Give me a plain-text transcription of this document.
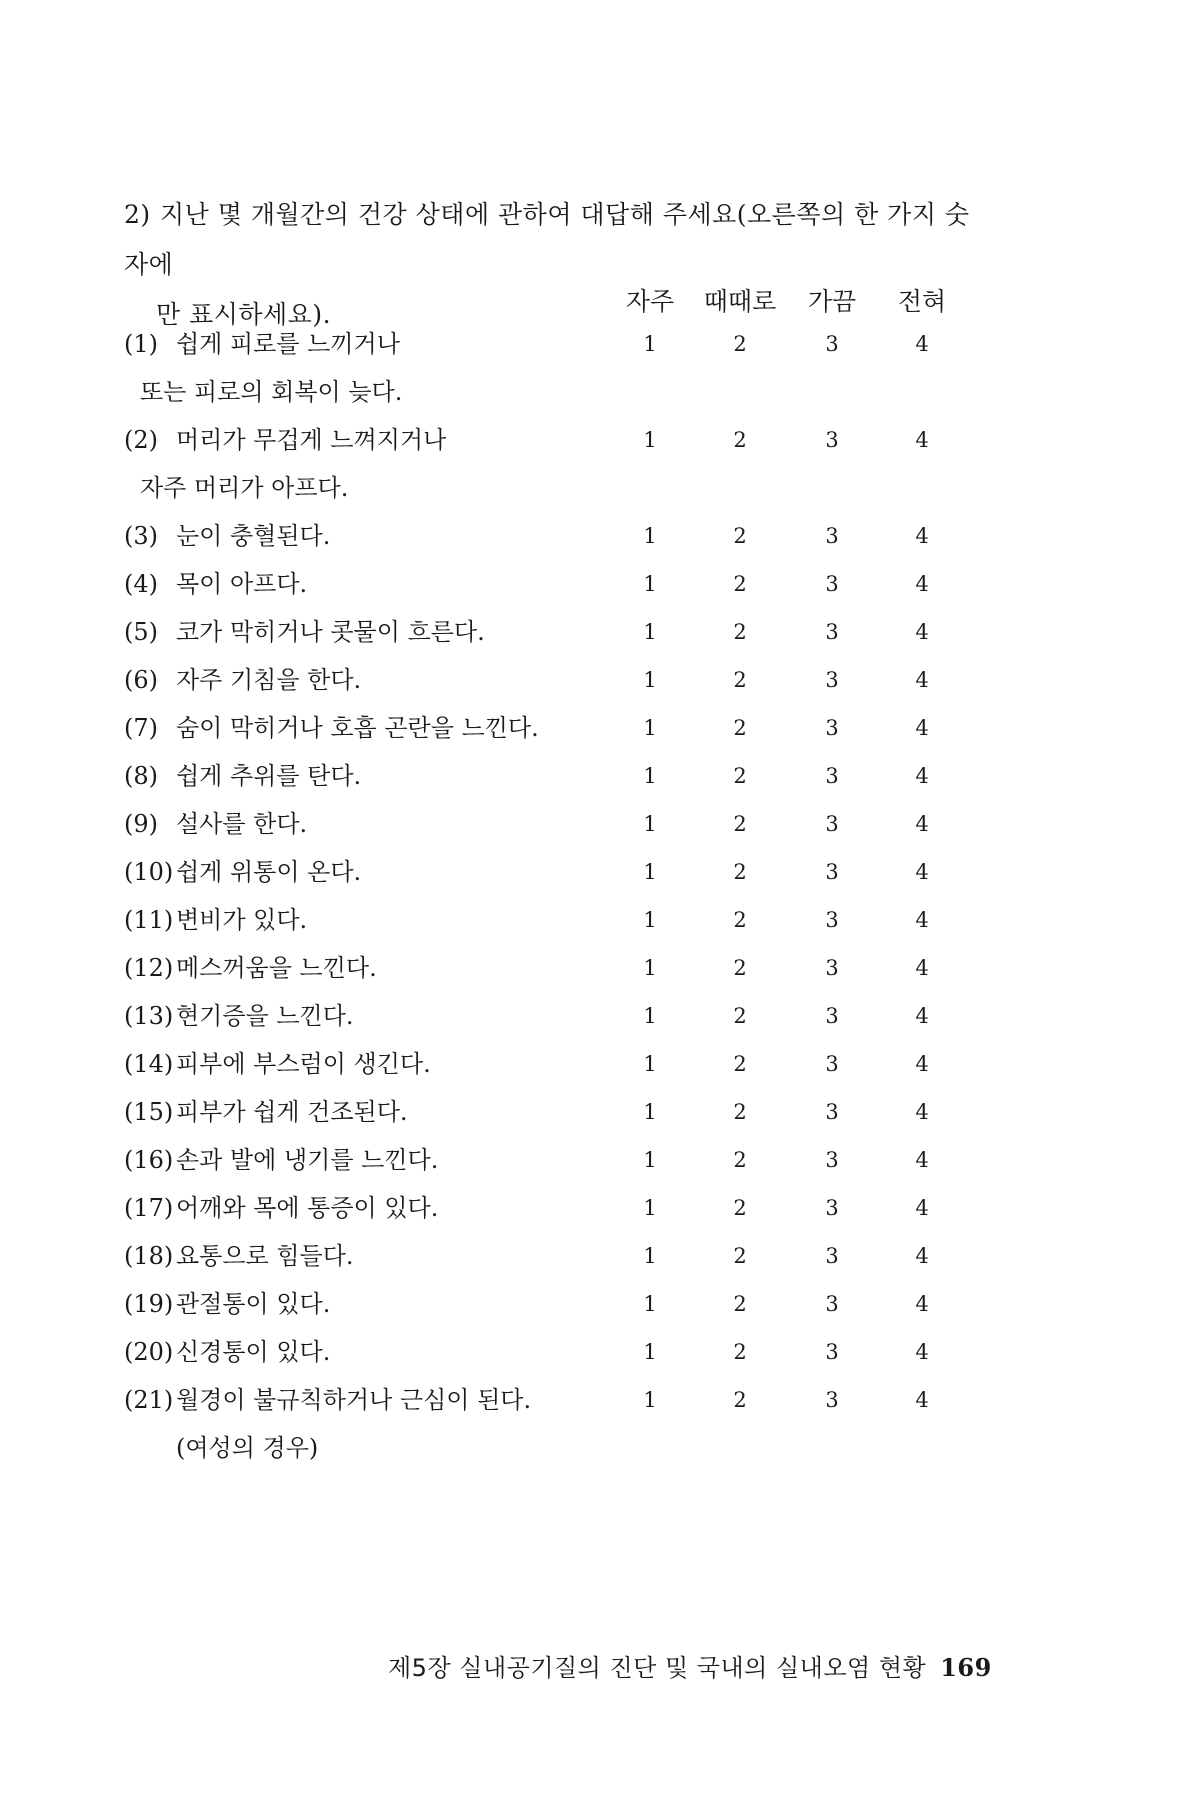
2) 지난 몇 개월간의 건강 상태에 관하여 대답해 주세요(오른쪽의 한 가지 숫자에
만 표시하세요).	자주	때때로	가끔	전혀
(1) 쉽게 피로를 느끼거나
또는 피로의 회복이 늦다.
1	2	3	4
(2) 머리가 무겁게 느껴지거나
자주 머리가 아프다.
1	2	3	4
(3) 눈이 충혈된다.	1	2	3	4
(4) 목이 아프다.	1	2	3	4
(5) 코가 막히거나 콧물이 흐른다.	1	2	3	4
(6) 자주 기침을 한다.	1	2	3	4
(7) 숨이 막히거나 호흡 곤란을 느낀다.	1	2	3	4
(8) 쉽게 추위를 탄다.	1	2	3	4
(9) 설사를 한다.	1	2	3	4
(10) 쉽게 위통이 온다.	1	2	3	4
(11) 변비가 있다.	1	2	3	4
(12) 메스꺼움을 느낀다.	1	2	3	4
(13) 현기증을 느낀다.	1	2	3	4
(14) 피부에 부스럼이 생긴다.	1	2	3	4
(15) 피부가 쉽게 건조된다.	1	2	3	4
(16) 손과 발에 냉기를 느낀다.	1	2	3	4
(17) 어깨와 목에 통증이 있다.	1	2	3	4
(18) 요통으로 힘들다.	1	2	3	4
(19) 관절통이 있다.	1	2	3	4
(20) 신경통이 있다.	1	2	3	4
(21) 월경이 불규칙하거나 근심이 된다.
(여성의 경우)
1	2	3	4
제5장 실내공기질의 진단 및 국내의 실내오염 현황 169
